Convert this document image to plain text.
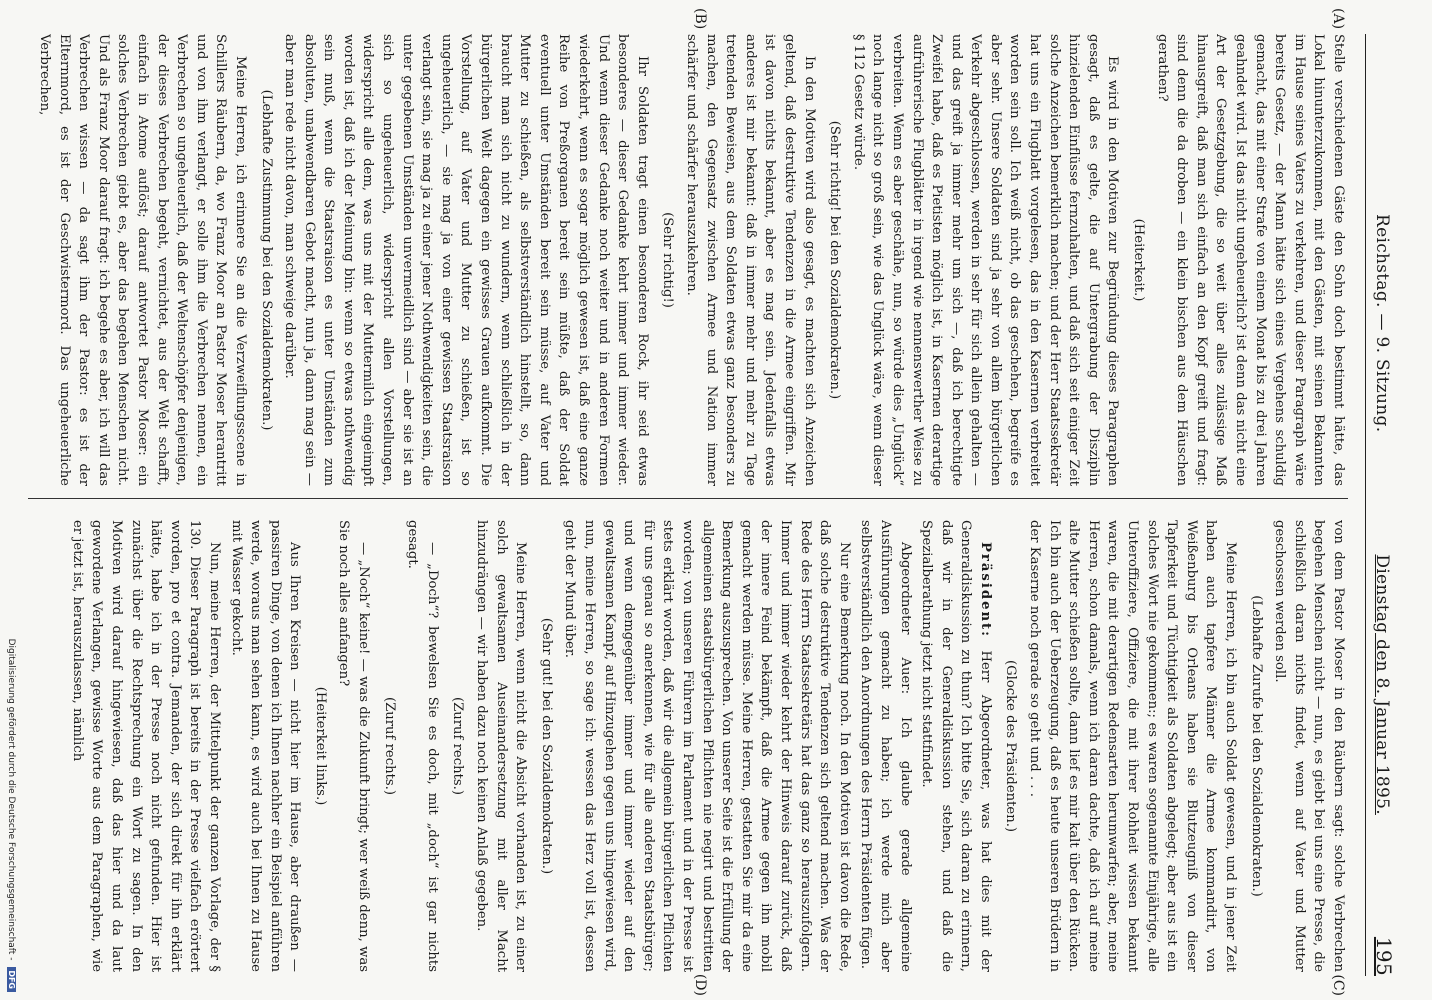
Reichstag. — 9. Sitzung.
Dienstag den 8. Januar 1895.
195
(A)
(B)
(C)
(D)

Stelle verschiedenen Gäste den Sohn doch bestimmt hätte, das Lokal hinunterzukommen, mit den Gästen, mit seinen Bekannten im Hause seines Vaters zu verkehren, und dieser Paragraph wäre bereits Gesetz, — der Mann hätte sich eines Vergehens schuldig gemacht, das mit einer Strafe von einem Monat bis zu drei Jahren geahndet wird. Ist das nicht ungeheuerlich? ist denn das nicht eine Art der Gesetzgebung, die so weit über alles zulässige Maß hinausgreift, daß man sich einfach an den Kopf greift und fragt: sind denn die da droben — ein klein bischen aus dem Häuschen gerathen?

(Heiterkeit.)

Es wird in den Motiven zur Begründung dieses Paragraphen gesagt, daß es gelte, die auf Untergrabung der Disziplin hinzielenden Einflüsse fernzuhalten, und daß sich seit einiger Zeit solche Anzeichen bemerklich machen; und der Herr Staatssekretär hat uns ein Flugblatt vorgelesen, das in den Kasernen verbreitet worden sein soll. Ich weiß nicht, ob das geschehen, begreife es aber sehr. Unsere Soldaten sind ja sehr von allem bürgerlichen Verkehr abgeschlossen, werden in sehr für sich allein gehalten — und das greift ja immer mehr um sich —, daß ich berechtigte Zweifel habe, daß es Pietisten möglich ist, in Kasernen derartige aufrührerische Flugblätter in irgend wie nennenswerther Weise zu verbreiten. Wenn es aber geschähe, nun, so würde dies „Unglück“ noch lange nicht so groß sein, wie das Unglück wäre, wenn dieser § 112 Gesetz würde.

(Sehr richtig! bei den Sozialdemokraten.)

In den Motiven wird also gesagt, es machten sich Anzeichen geltend, daß destruktive Tendenzen in die Armee eingriffen. Mir ist davon nichts bekannt, aber es mag sein. Jedenfalls etwas anderes ist mir bekannt: daß in immer mehr und mehr zu Tage tretenden Beweisen, aus dem Soldaten etwas ganz besonders zu machen, den Gegensatz zwischen Armee und Nation immer schärfer und schärfer herauszukehren.

(Sehr richtig!)

Ihr Soldaten tragt einen besonderen Rock, ihr seid etwas besonderes — dieser Gedanke kehrt immer und immer wieder. Und wenn dieser Gedanke noch weiter und in anderen Formen wiederkehrt, wenn es sogar möglich gewesen ist, daß eine ganze Reihe von Preßorganen bereit sein müßte, daß der Soldat eventuell unter Umständen bereit sein müsse, auf Vater und Mutter zu schießen, als selbstverständlich hinstellt, so, dann braucht man sich nicht zu wundern, wenn schließlich in der bürgerlichen Welt dagegen ein gewisses Grauen aufkommt. Die Vorstellung, auf Vater und Mutter zu schießen, ist so ungeheuerlich, — sie mag ja von einer gewissen Staatsraison verlangt sein, sie mag ja zu einer jener Nothwendigkeiten sein, die unter gegebenen Umständen unvermeidlich sind — aber sie ist an sich so ungeheuerlich, widerspricht allen Vorstellungen, widerspricht alle dem, was uns mit der Muttermilch eingeimpft worden ist, daß ich der Meinung bin: wenn so etwas nothwendig sein muß, wenn die Staatsraison es unter Umständen zum absoluten, unabwendbaren Gebot macht, nun ja, dann mag sein — aber man rede nicht davon, man schweige darüber.

(Lebhafte Zustimmung bei den Sozialdemokraten.)

Meine Herren, ich erinnere Sie an die Verzweiflungsscene in Schillers Räubern, da, wo Franz Moor an Pastor Moser herantritt und von ihm verlangt, er solle ihm die Verbrechen nennen, ein Verbrechen so ungeheuerlich, daß der Weltenschöpfer denjenigen, der dieses Verbrechen begeht, vernichtet, aus der Welt schafft, einfach in Atome auflöst; darauf antwortet Pastor Moser: ein solches Verbrechen giebt es, aber das begehen Menschen nicht. Und als Franz Moor darauf fragt: ich begehe es aber, ich will das Verbrechen wissen — da sagt ihm der Pastor: es ist der Elternmord, es ist der Geschwistermord. Das ungeheuerliche Verbrechen,

von dem Pastor Moser in den Räubern sagt: solche Verbrechen begehen Menschen nicht — nun, es giebt bei uns eine Presse, die schließlich daran nichts findet, wenn auf Vater und Mutter geschossen werden soll.

(Lebhafte Zurufe bei den Sozialdemokraten.)

Meine Herren, ich bin auch Soldat gewesen, und in jener Zeit haben auch tapfere Männer die Armee kommandirt, von Weißenburg bis Orleans haben sie Blutzeugniß von dieser Tapferkeit und Tüchtigkeit als Soldaten abgelegt; aber aus ist ein solches Wort nie gekommen:; es waren sogenannte Einjährige, alle Unteroffiziere, Offiziere, die mit ihrer Rohheit wissen bekannt waren, die mit derartigen Redensarten herumwarfen; aber, meine Herren, schon damals, wenn ich daran dachte, daß ich auf meine alte Mutter schießen sollte, dann lief es mir kalt über den Rücken. Ich bin auch der Ueberzeugung, daß es heute unseren Brüdern in der Kaserne noch gerade so geht und . . .

(Glocke des Präsidenten.)

Präsident: Herr Abgeordneter, was hat dies mit der Generaldiskussion zu thun? Ich bitte Sie, sich daran zu erinnern, daß wir in der Generaldiskussion stehen, und daß die Spezialberathung jetzt nicht stattfindet.

Abgeordneter Auer: Ich glaube gerade allgemeine Ausführungen gemacht zu haben; ich werde mich aber selbstverständlich den Anordnungen des Herrn Präsidenten fügen.

Nur eine Bemerkung noch. In den Motiven ist davon die Rede, daß solche destruktive Tendenzen sich geltend machen. Was der Rede des Herrn Staatssekretärs hat das ganz so herauszufolgern. Immer und immer wieder kehrt der Hinweis darauf zurück, daß der innere Feind bekämpft, daß die Armee gegen ihn mobil gemacht werden müsse. Meine Herren, gestatten Sie mir da eine Bemerkung auszusprechen. Von unserer Seite ist die Erfüllung der allgemeinen staatsbürgerlichen Pflichten nie negirt und bestritten worden; von unseren Führern im Parlament und in der Presse ist stets erklärt worden, daß wir die allgemein bürgerlichen Pflichten für uns genau so anerkennen, wie für alle anderen Staatsbürger; und wenn demgegenüber immer und immer wieder auf den gewaltsamen Kampf, auf Hinzugehen gegen uns hingewiesen wird, nun, meine Herren, so sage ich: wessen das Herz voll ist, dessen geht der Mund über.

(Sehr gut! bei den Sozialdemokraten.)

Meine Herren, wenn nicht die Absicht vorhanden ist, zu einer solch gewaltsamen Auseinandersetzung mit aller Macht hinzudrängen — wir haben dazu noch keinen Anlaß gegeben.

(Zuruf rechts.)

— „Doch“? bewelsen Sie es doch, mit „doch“ ist gar nichts gesagt.

(Zuruf rechts.)

— „Noch“ keine! — was die Zukunft bringt; wer weiß denn, was Sie noch alles anfangen?

(Heiterkeit links.)

Aus Ihren Kreisen — nicht hier im Hause, aber draußen — passiren Dinge, von denen ich Ihnen nachher ein Beispiel anführen werde, woraus man sehen kann, es wird auch bei Ihnen zu Hause mit Wasser gekocht.

Nun, meine Herren, der Mittelpunkt der ganzen Vorlage, der § 130. Dieser Paragraph ist bereits in der Presse vielfach erörtert worden, pro et contra. Jemanden, der sich direkt für ihn erklärt hätte, habe ich in der Presse noch nicht gefunden. Hier ist zunächst über die Rechtsprechung ein Wort zu sagen. In den Motiven wird darauf hingewiesen, daß das hier und da laut gewordene Verlangen, gewisse Worte aus dem Paragraphen, wie er jetzt ist, herauszulassen, nämlich

Digitalisierung gefördert durch die Deutsche Forschungsgemeinschaft - DFG
